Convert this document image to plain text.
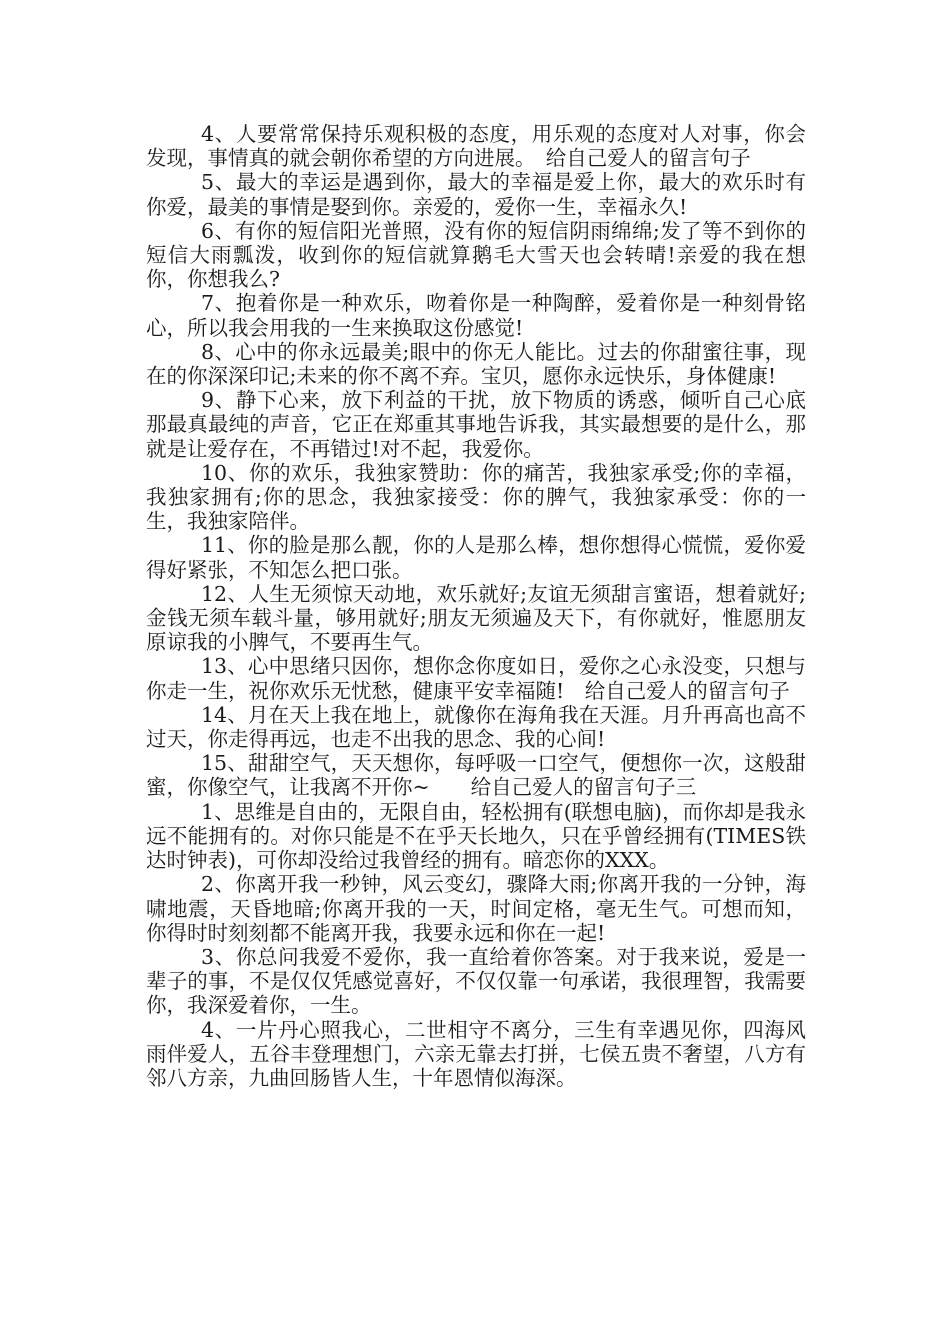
4、人要常常保持乐观积极的态度，用乐观的态度对人对事，你会发现，事情真的就会朝你希望的方向进展。　给自己爱人的留言句子

5、最大的幸运是遇到你，最大的幸福是爱上你，最大的欢乐时有你爱，最美的事情是娶到你。亲爱的，爱你一生，幸福永久!

6、有你的短信阳光普照，没有你的短信阴雨绵绵;发了等不到你的短信大雨瓢泼，收到你的短信就算鹅毛大雪天也会转晴!亲爱的我在想你，你想我么?

7、抱着你是一种欢乐，吻着你是一种陶醉，爱着你是一种刻骨铭心，所以我会用我的一生来换取这份感觉!

8、心中的你永远最美;眼中的你无人能比。过去的你甜蜜往事，现在的你深深印记;未来的你不离不弃。宝贝，愿你永远快乐，身体健康!

9、静下心来，放下利益的干扰，放下物质的诱惑，倾听自己心底那最真最纯的声音，它正在郑重其事地告诉我，其实最想要的是什么，那就是让爱存在，不再错过!对不起，我爱你。

10、你的欢乐，我独家赞助：你的痛苦，我独家承受;你的幸福，我独家拥有;你的思念，我独家接受：你的脾气，我独家承受：你的一生，我独家陪伴。

11、你的脸是那么靓，你的人是那么棒，想你想得心慌慌，爱你爱得好紧张，不知怎么把口张。

12、人生无须惊天动地，欢乐就好;友谊无须甜言蜜语，想着就好;金钱无须车载斗量，够用就好;朋友无须遍及天下，有你就好，惟愿朋友原谅我的小脾气，不要再生气。

13、心中思绪只因你，想你念你度如日，爱你之心永没变，只想与你走一生，祝你欢乐无忧愁，健康平安幸福随!　给自己爱人的留言句子

14、月在天上我在地上，就像你在海角我在天涯。月升再高也高不过天，你走得再远，也走不出我的思念、我的心间!

15、甜甜空气，天天想你，每呼吸一口空气，便想你一次，这般甜蜜，你像空气，让我离不开你~　　给自己爱人的留言句子三

1、思维是自由的，无限自由，轻松拥有(联想电脑)，而你却是我永远不能拥有的。对你只能是不在乎天长地久，只在乎曾经拥有(TIMES铁达时钟表)，可你却没给过我曾经的拥有。暗恋你的XXX。

2、你离开我一秒钟，风云变幻，骤降大雨;你离开我的一分钟，海啸地震，天昏地暗;你离开我的一天，时间定格，毫无生气。可想而知，你得时时刻刻都不能离开我，我要永远和你在一起!

3、你总问我爱不爱你，我一直给着你答案。对于我来说，爱是一辈子的事，不是仅仅凭感觉喜好，不仅仅靠一句承诺，我很理智，我需要你，我深爱着你，一生。

4、一片丹心照我心，二世相守不离分，三生有幸遇见你，四海风雨伴爱人，五谷丰登理想门，六亲无靠去打拼，七侯五贵不奢望，八方有邻八方亲，九曲回肠皆人生，十年恩情似海深。
